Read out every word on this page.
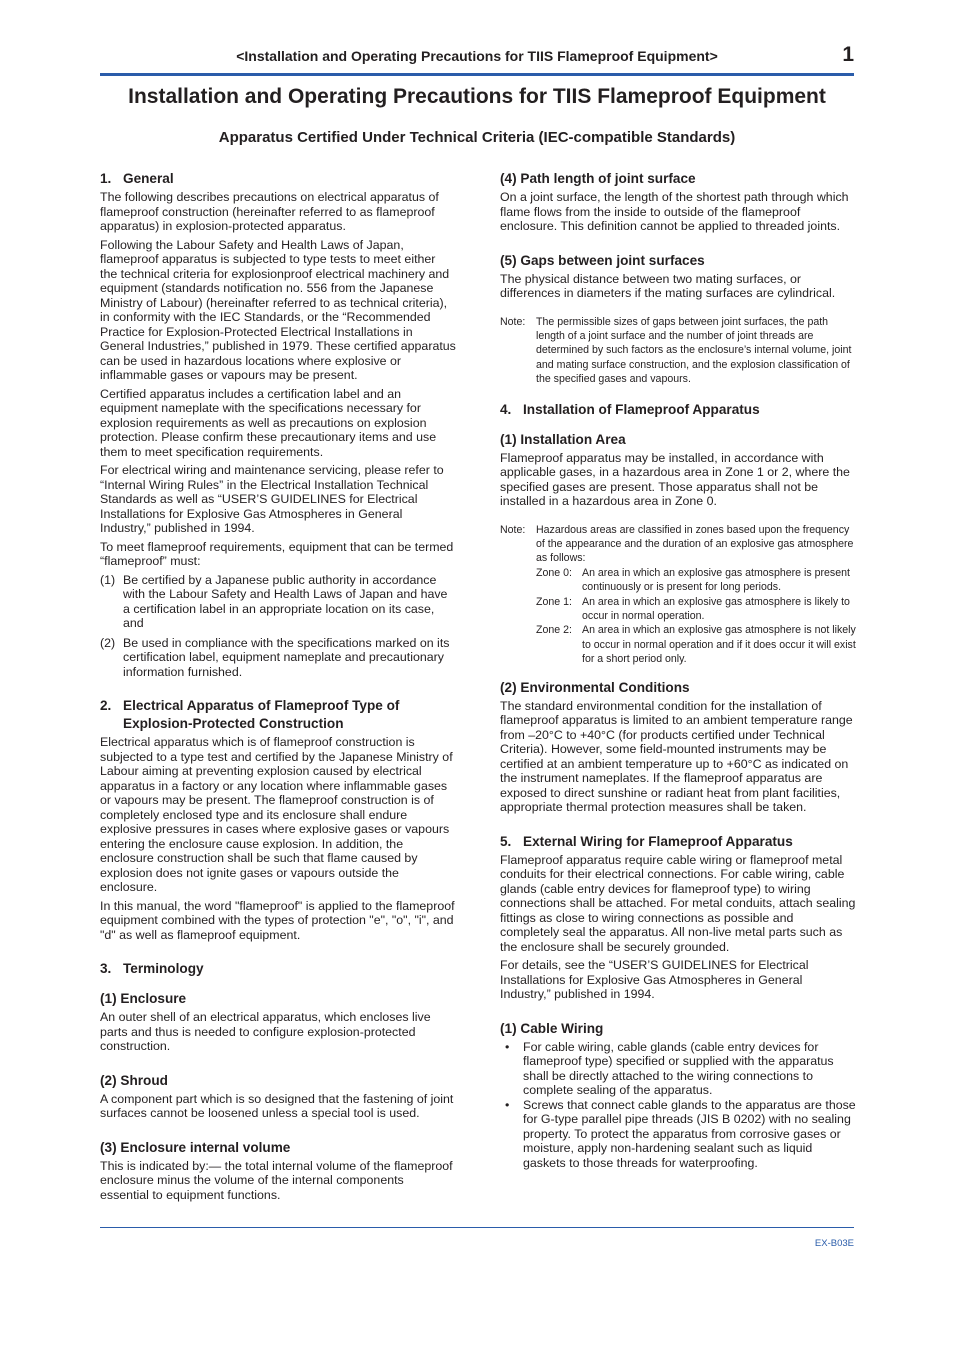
<Installation and Operating Precautions for TIIS Flameproof Equipment>	1
Installation and Operating Precautions for TIIS Flameproof Equipment
Apparatus Certified Under Technical Criteria (IEC-compatible Standards)
1. General

The following describes precautions on electrical apparatus of flameproof construction (hereinafter referred to as flameproof apparatus) in explosion-protected apparatus.

Following the Labour Safety and Health Laws of Japan, flameproof apparatus is subjected to type tests to meet either the technical criteria for explosionproof electrical machinery and equipment (standards notification no. 556 from the Japanese Ministry of Labour) (hereinafter referred to as technical criteria), in conformity with the IEC Standards, or the “Recommended Practice for Explosion-Protected Electrical Installations in General Industries,” published in 1979. These certified apparatus can be used in hazardous locations where explosive or inflammable gases or vapours may be present.

Certified apparatus includes a certification label and an equipment nameplate with the specifications necessary for explosion requirements as well as precautions on explosion protection. Please confirm these precautionary items and use them to meet specification requirements.

For electrical wiring and maintenance servicing, please refer to “Internal Wiring Rules” in the Electrical Installation Technical Standards as well as “USER’S GUIDELINES for Electrical Installations for Explosive Gas Atmospheres in General Industry,” published in 1994.

To meet flameproof requirements, equipment that can be termed “flameproof” must:

(1) Be certified by a Japanese public authority in accordance with the Labour Safety and Health Laws of Japan and have a certification label in an appropriate location on its case, and
(2) Be used in compliance with the specifications marked on its certification label, equipment nameplate and precautionary information furnished.
2. Electrical Apparatus of Flameproof Type of Explosion-Protected Construction

Electrical apparatus which is of flameproof construction is subjected to a type test and certified by the Japanese Ministry of Labour aiming at preventing explosion caused by electrical apparatus in a factory or any location where inflammable gases or vapours may be present. The flameproof construction is of completely enclosed type and its enclosure shall endure explosive pressures in cases where explosive gases or vapours entering the enclosure cause explosion. In addition, the enclosure construction shall be such that flame caused by explosion does not ignite gases or vapours outside the enclosure.

In this manual, the word "flameproof" is applied to the flameproof equipment combined with the types of protection "e", "o", "i", and "d" as well as flameproof equipment.

3. Terminology
(1) Enclosure

An outer shell of an electrical apparatus, which encloses live parts and thus is needed to configure explosion-protected construction.

(2) Shroud

A component part which is so designed that the fastening of joint surfaces cannot be loosened unless a special tool is used.

(3) Enclosure internal volume

This is indicated by:— the total internal volume of the flameproof enclosure minus the volume of the internal components essential to equipment functions.

(4) Path length of joint surface

On a joint surface, the length of the shortest path through which flame flows from the inside to outside of the flameproof enclosure. This definition cannot be applied to threaded joints.

(5) Gaps between joint surfaces

The physical distance between two mating surfaces, or differences in diameters if the mating surfaces are cylindrical.

Note:	The permissible sizes of gaps between joint surfaces, the path length of a joint surface and the number of joint threads are determined by such factors as the enclosure’s internal volume, joint and mating surface construction, and the explosion classification of the specified gases and vapours.
4. Installation of Flameproof Apparatus
(1) Installation Area

Flameproof apparatus may be installed, in accordance with applicable gases, in a hazardous area in Zone 1 or 2, where the specified gases are present. Those apparatus shall not be installed in a hazardous area in Zone 0.

Note:	Hazardous areas are classified in zones based upon the frequency of the appearance and the duration of an explosive gas atmosphere as follows:
Zone 0: An area in which an explosive gas atmosphere is present continuously or is present for long periods.
Zone 1: An area in which an explosive gas atmosphere is likely to occur in normal operation.
Zone 2: An area in which an explosive gas atmosphere is not likely to occur in normal operation and if it does occur it will exist for a short period only.
(2) Environmental Conditions

The standard environmental condition for the installation of flameproof apparatus is limited to an ambient temperature range from –20°C to +40°C (for products certified under Technical Criteria). However, some field-mounted instruments may be certified at an ambient temperature up to +60°C as indicated on the instrument nameplates. If the flameproof apparatus are exposed to direct sunshine or radiant heat from plant facilities, appropriate thermal protection measures shall be taken.

5. External Wiring for Flameproof Apparatus

Flameproof apparatus require cable wiring or flameproof metal conduits for their electrical connections. For cable wiring, cable glands (cable entry devices for flameproof type) to wiring connections shall be attached. For metal conduits, attach sealing fittings as close to wiring connections as possible and completely seal the apparatus. All non-live metal parts such as the enclosure shall be securely grounded.

For details, see the “USER’S GUIDELINES for Electrical Installations for Explosive Gas Atmospheres in General Industry,” published in 1994.

(1) Cable Wiring
•	For cable wiring, cable glands (cable entry devices for flameproof type) specified or supplied with the apparatus shall be directly attached to the wiring connections to complete sealing of the apparatus.
•	Screws that connect cable glands to the apparatus are those for G-type parallel pipe threads (JIS B 0202) with no sealing property. To protect the apparatus from corrosive gases or moisture, apply non-hardening sealant such as liquid gaskets to those threads for waterproofing.
EX-B03E
